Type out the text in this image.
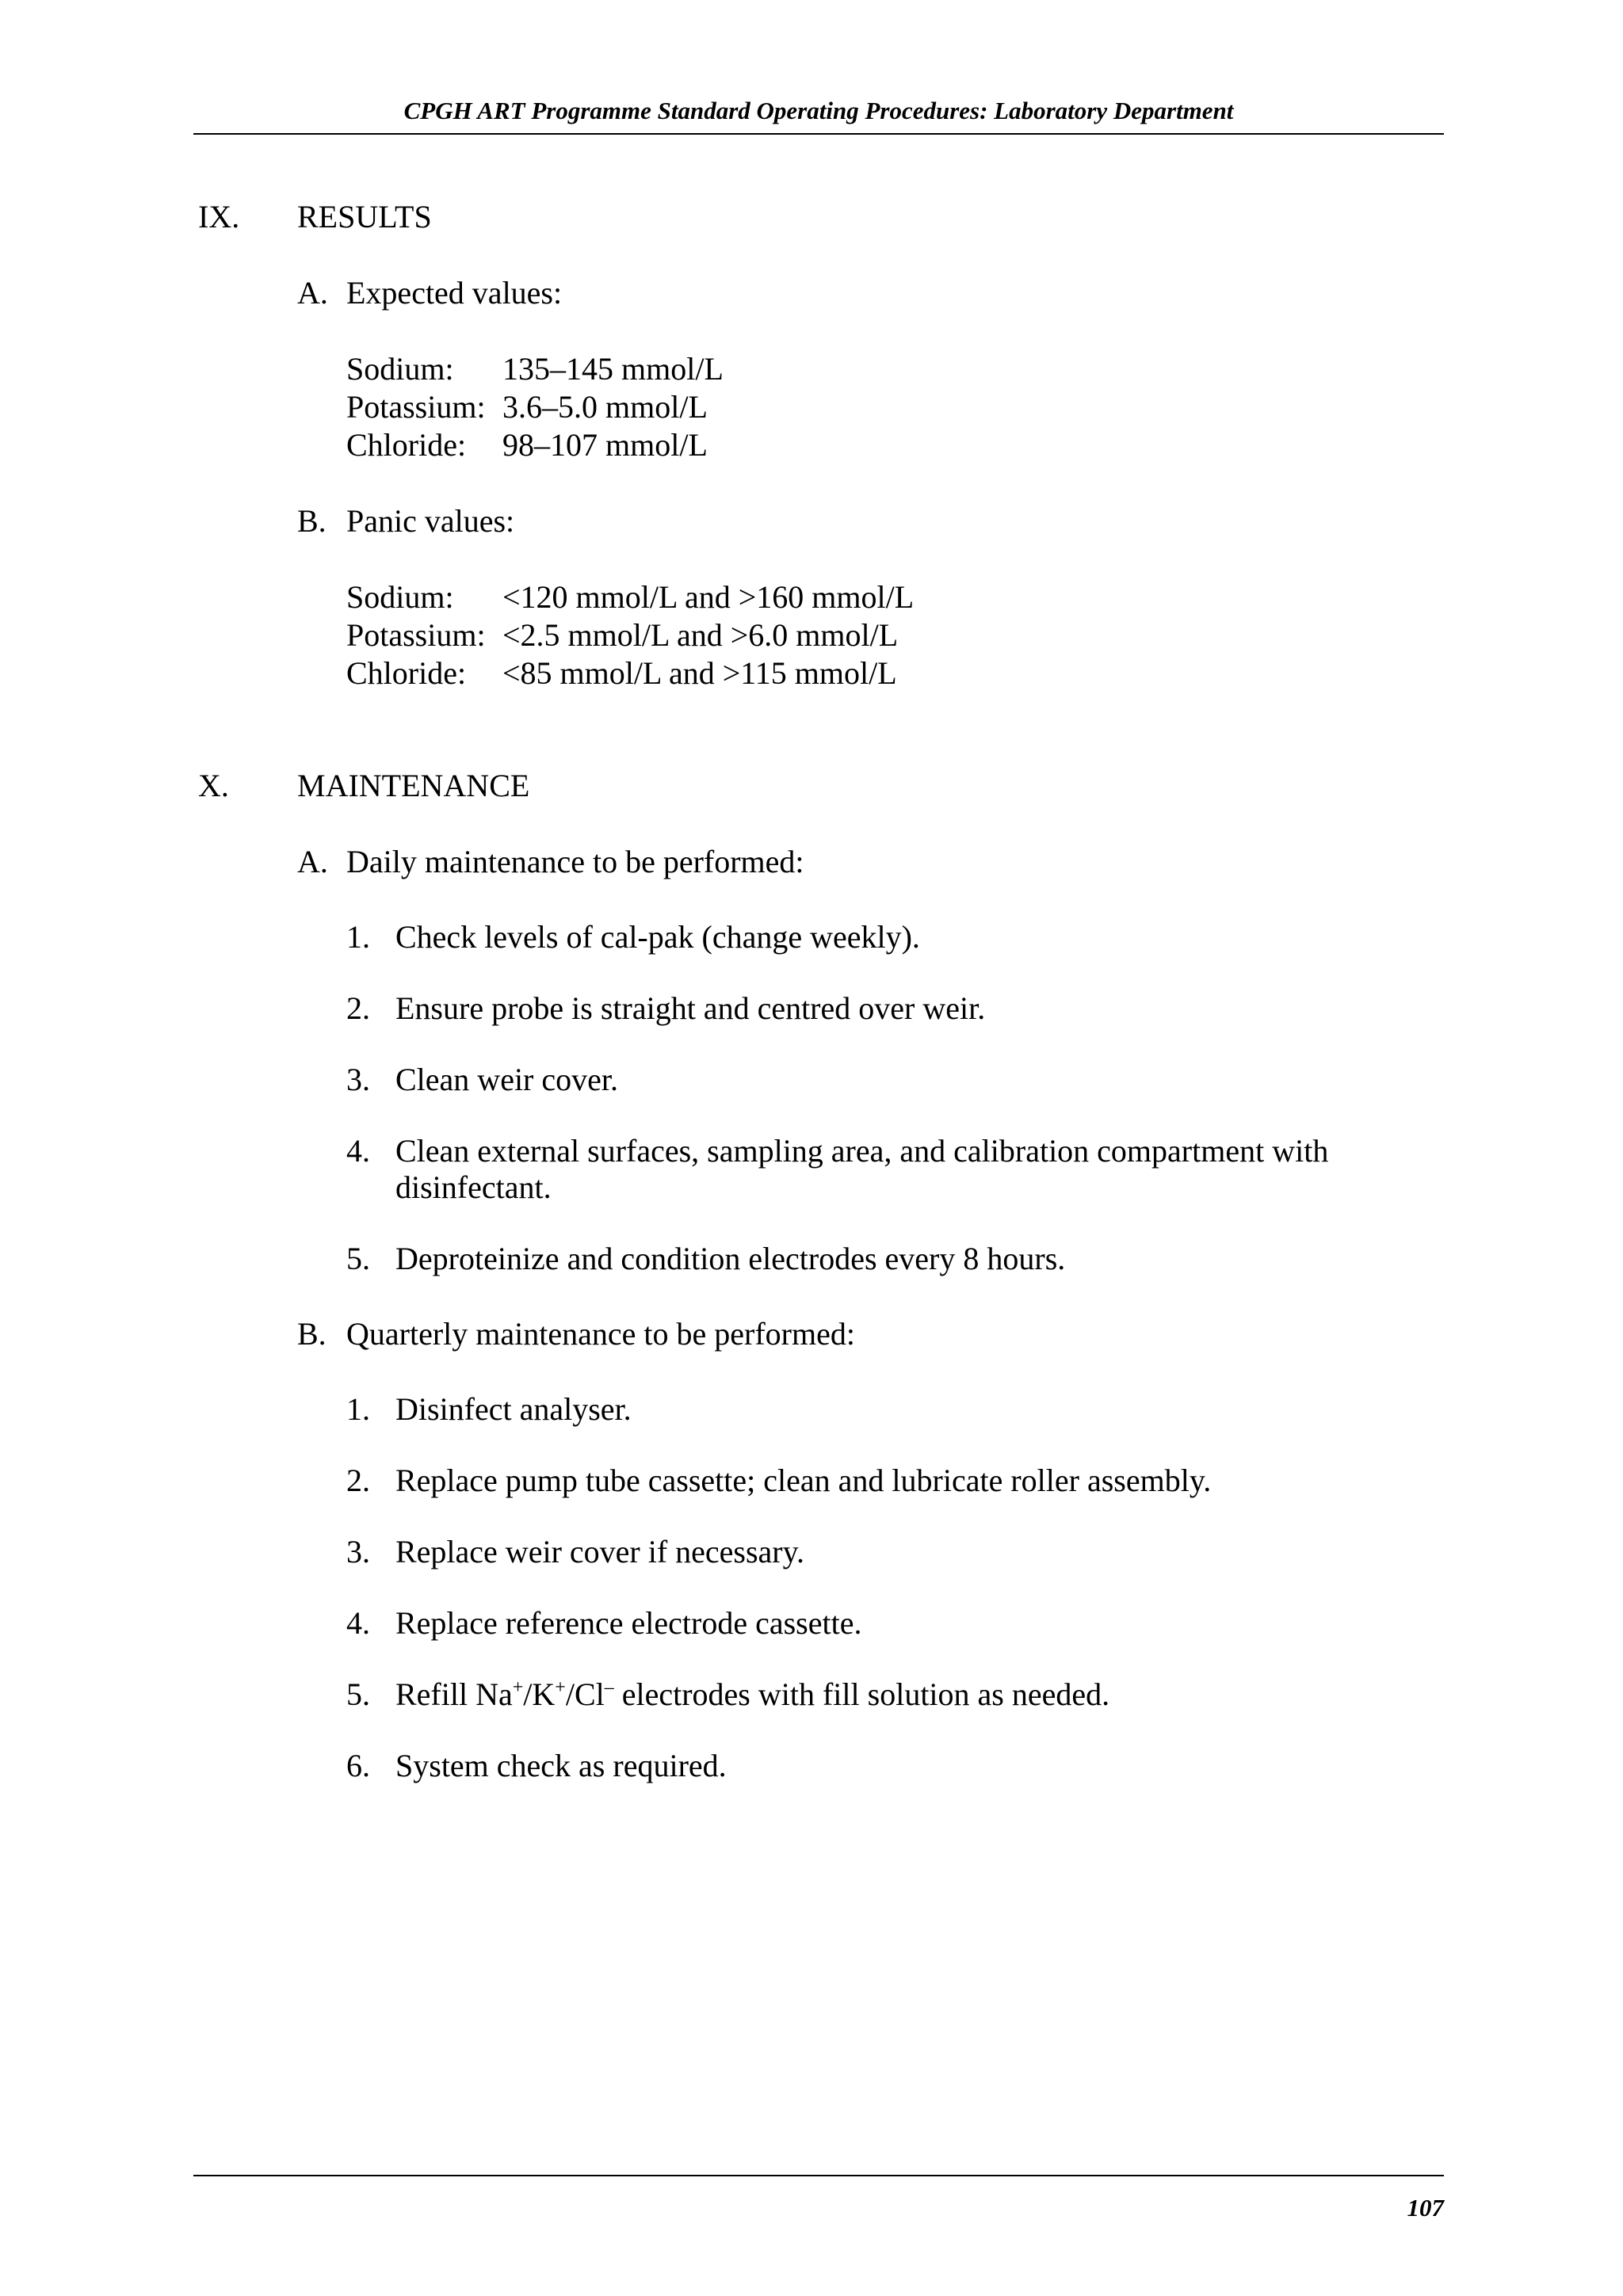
CPGH ART Programme Standard Operating Procedures: Laboratory Department
IX. RESULTS
A. Expected values:
Sodium: 135–145 mmol/L
Potassium: 3.6–5.0 mmol/L
Chloride: 98–107 mmol/L
B. Panic values:
Sodium: <120 mmol/L and >160 mmol/L
Potassium: <2.5 mmol/L and >6.0 mmol/L
Chloride: <85 mmol/L and >115 mmol/L
X. MAINTENANCE
A. Daily maintenance to be performed:
1. Check levels of cal-pak (change weekly).
2. Ensure probe is straight and centred over weir.
3. Clean weir cover.
4. Clean external surfaces, sampling area, and calibration compartment with disinfectant.
5. Deproteinize and condition electrodes every 8 hours.
B. Quarterly maintenance to be performed:
1. Disinfect analyser.
2. Replace pump tube cassette; clean and lubricate roller assembly.
3. Replace weir cover if necessary.
4. Replace reference electrode cassette.
5. Refill Na+/K+/Cl– electrodes with fill solution as needed.
6. System check as required.
107
